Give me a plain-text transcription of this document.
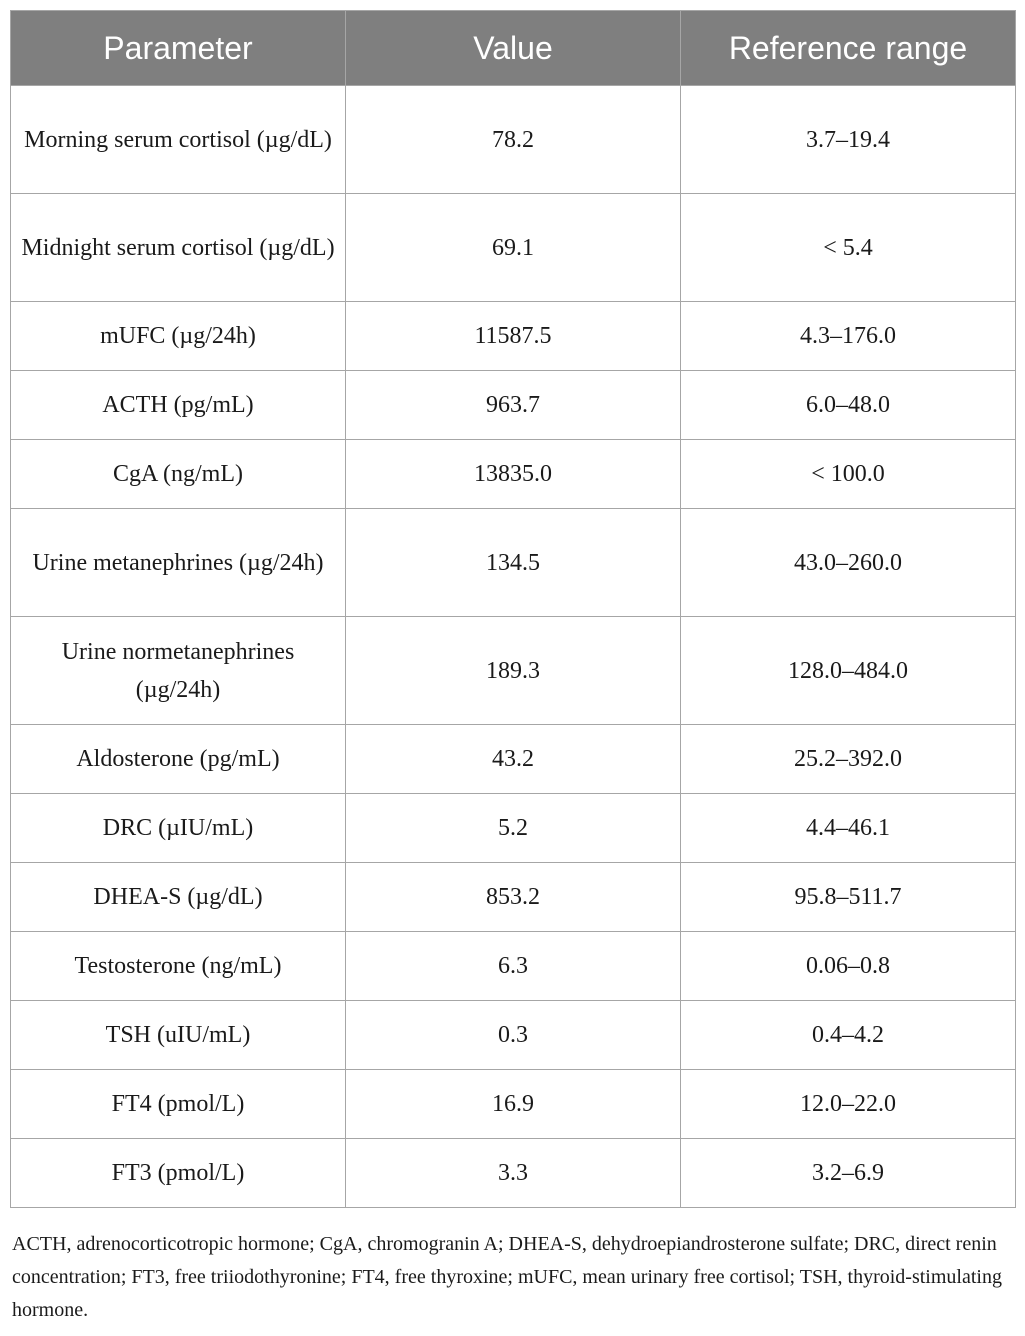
Parameter	Value	Reference range
Morning serum cortisol (µg/dL)	78.2	3.7–19.4
Midnight serum cortisol (µg/dL)	69.1	< 5.4
mUFC (µg/24h)	11587.5	4.3–176.0
ACTH (pg/mL)	963.7	6.0–48.0
CgA (ng/mL)	13835.0	< 100.0
Urine metanephrines (µg/24h)	134.5	43.0–260.0
Urine normetanephrines (µg/24h)	189.3	128.0–484.0
Aldosterone (pg/mL)	43.2	25.2–392.0
DRC (µIU/mL)	5.2	4.4–46.1
DHEA-S (µg/dL)	853.2	95.8–511.7
Testosterone (ng/mL)	6.3	0.06–0.8
TSH (uIU/mL)	0.3	0.4–4.2
FT4 (pmol/L)	16.9	12.0–22.0
FT3 (pmol/L)	3.3	3.2–6.9

ACTH, adrenocorticotropic hormone; CgA, chromogranin A; DHEA-S, dehydroepiandrosterone sulfate; DRC, direct renin concentration; FT3, free triiodothyronine; FT4, free thyroxine; mUFC, mean urinary free cortisol; TSH, thyroid-stimulating hormone.
